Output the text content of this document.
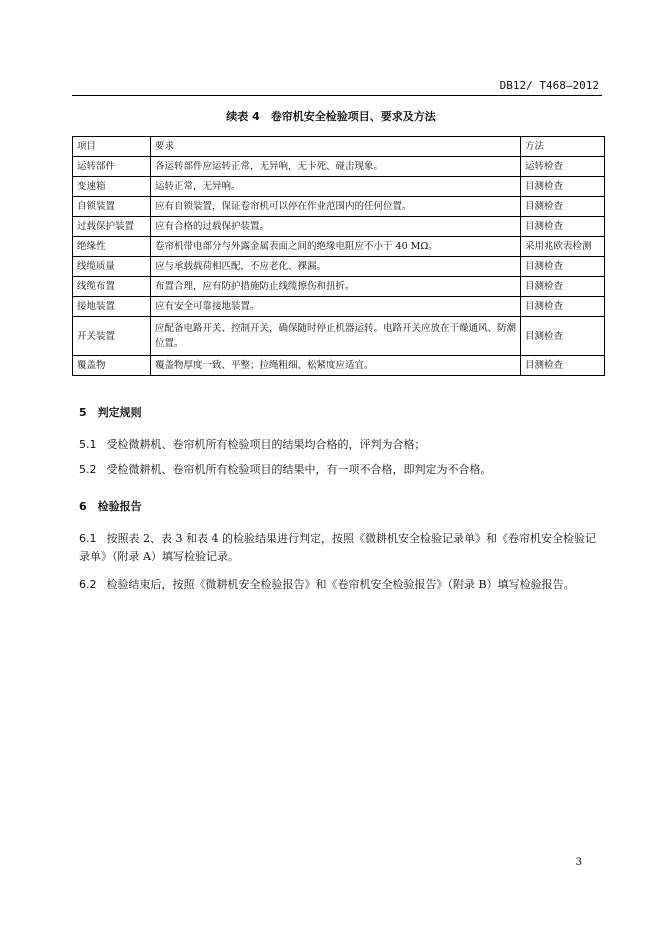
DB12/ T468—2012
续表 4　卷帘机安全检验项目、要求及方法
项目	要求	方法
运转部件	各运转部件应运转正常，无异响，无卡死、碰击现象。	运转检查
变速箱	运转正常，无异响。	目测检查
自锁装置	应有自锁装置，保证卷帘机可以停在作业范围内的任何位置。	目测检查
过载保护装置	应有合格的过载保护装置。	目测检查
绝缘性	卷帘机带电部分与外露金属表面之间的绝缘电阻应不小于 40 MΩ。	采用兆欧表检测
线缆质量	应与承载载荷相匹配，不应老化、裸漏。	目测检查
线缆布置	布置合理，应有防护措施防止线缆擦伤和扭折。	目测检查
接地装置	应有安全可靠接地装置。	目测检查
开关装置	应配备电路开关、控制开关，确保随时停止机器运转。电路开关应放在干燥通风、防潮位置。	目测检查
覆盖物	覆盖物厚度一致、平整；拉绳粗细、松紧度应适宜。	目测检查
5　判定规则
5.1 受检微耕机、卷帘机所有检验项目的结果均合格的，评判为合格；
5.2 受检微耕机、卷帘机所有检验项目的结果中，有一项不合格，即判定为不合格。
6　检验报告
6.1 按照表 2、表 3 和表 4 的检验结果进行判定，按照《微耕机安全检验记录单》和《卷帘机安全检验记录单》（附录 A）填写检验记录。
6.2 检验结束后，按照《微耕机安全检验报告》和《卷帘机安全检验报告》（附录 B）填写检验报告。
3
